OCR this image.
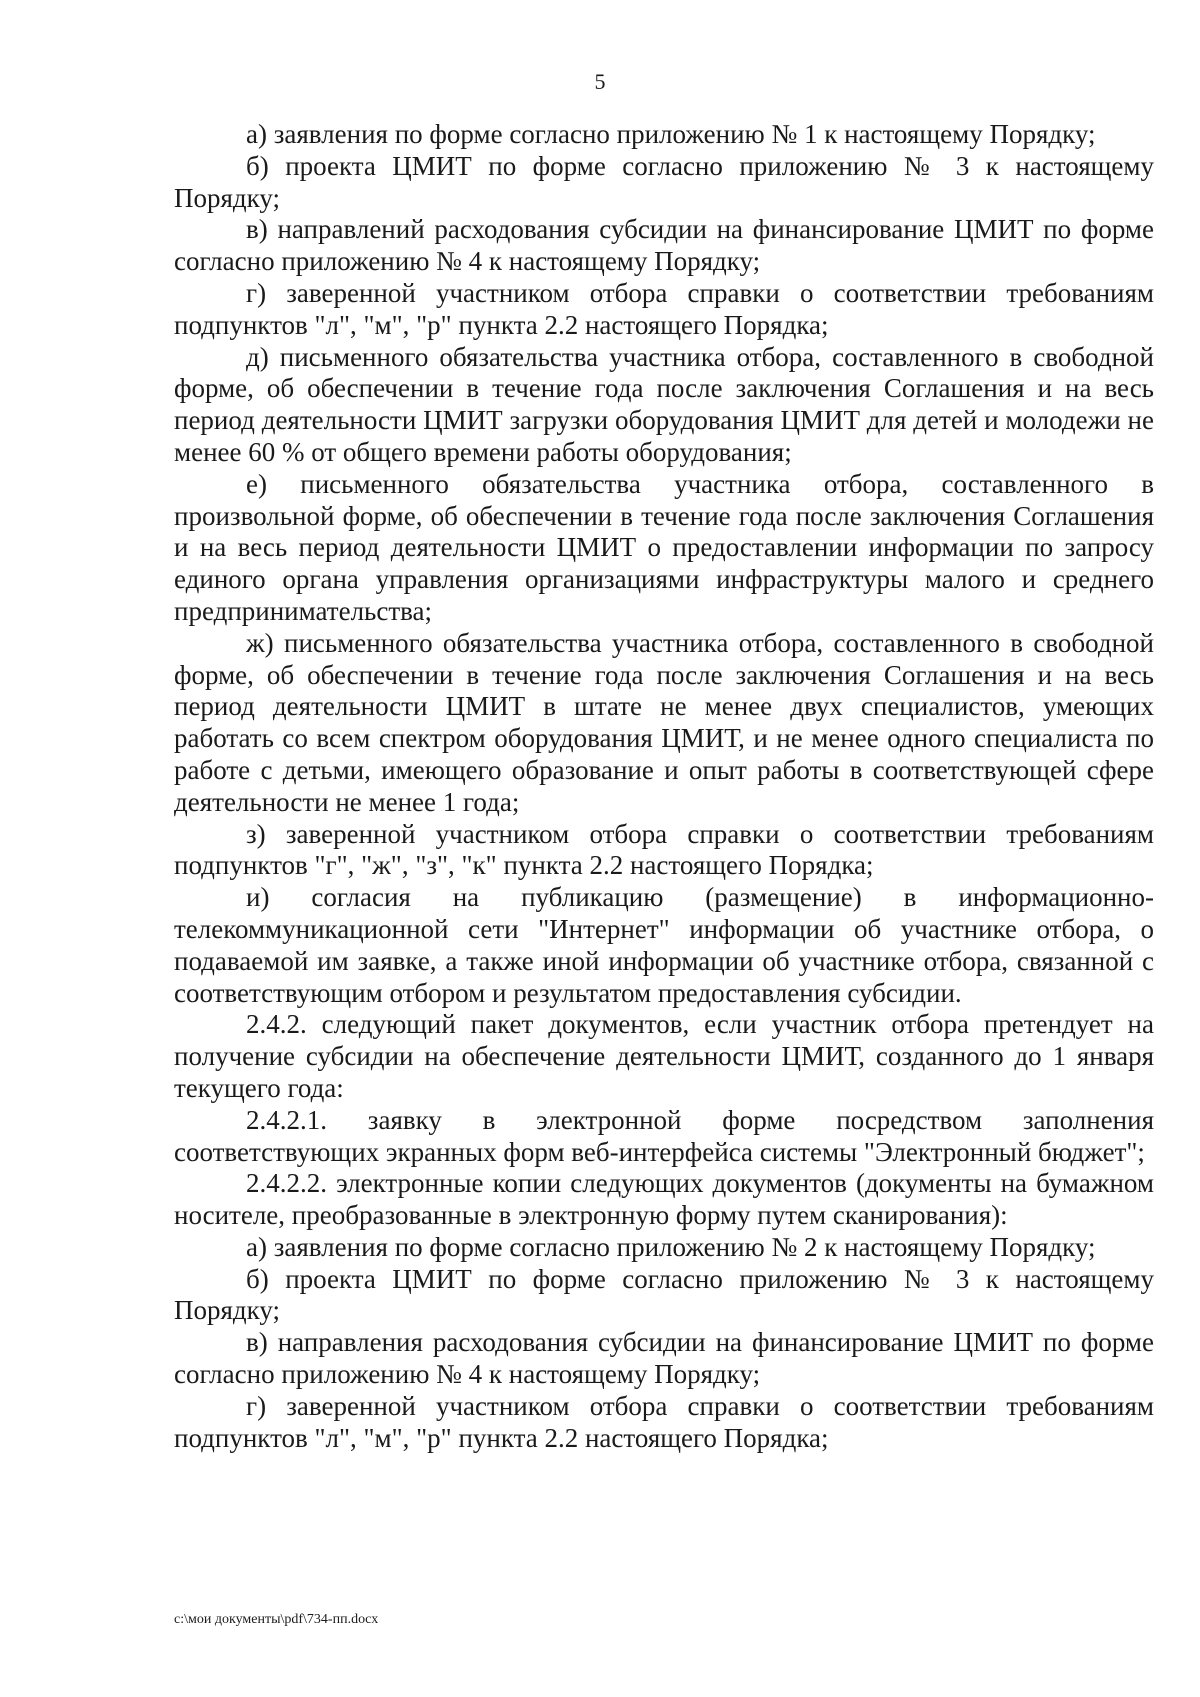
5

а) заявления по форме согласно приложению № 1 к настоящему Порядку;

б) проекта ЦМИТ по форме согласно приложению № 3 к настоящему Порядку;

в) направлений расходования субсидии на финансирование ЦМИТ по форме согласно приложению № 4 к настоящему Порядку;

г) заверенной участником отбора справки о соответствии требованиям подпунктов "л", "м", "р" пункта 2.2 настоящего Порядка;

д) письменного обязательства участника отбора, составленного в свободной форме, об обеспечении в течение года после заключения Соглашения и на весь период деятельности ЦМИТ загрузки оборудования ЦМИТ для детей и молодежи не менее 60 % от общего времени работы оборудования;

е) письменного обязательства участника отбора, составленного в произвольной форме, об обеспечении в течение года после заключения Соглашения и на весь период деятельности ЦМИТ о предоставлении информации по запросу единого органа управления организациями инфраструктуры малого и среднего предпринимательства;

ж) письменного обязательства участника отбора, составленного в свободной форме, об обеспечении в течение года после заключения Соглашения и на весь период деятельности ЦМИТ в штате не менее двух специалистов, умеющих работать со всем спектром оборудования ЦМИТ, и не менее одного специалиста по работе с детьми, имеющего образование и опыт работы в соответствующей сфере деятельности не менее 1 года;

з) заверенной участником отбора справки о соответствии требованиям подпунктов "г", "ж", "з", "к" пункта 2.2 настоящего Порядка;

и) согласия на публикацию (размещение) в информационно-телекоммуникационной сети "Интернет" информации об участнике отбора, о подаваемой им заявке, а также иной информации об участнике отбора, связанной с соответствующим отбором и результатом предоставления субсидии.

2.4.2. следующий пакет документов, если участник отбора претендует на получение субсидии на обеспечение деятельности ЦМИТ, созданного до 1 января текущего года:

2.4.2.1. заявку в электронной форме посредством заполнения соответствующих экранных форм веб-интерфейса системы "Электронный бюджет";

2.4.2.2. электронные копии следующих документов (документы на бумажном носителе, преобразованные в электронную форму путем сканирования):

а) заявления по форме согласно приложению № 2 к настоящему Порядку;

б) проекта ЦМИТ по форме согласно приложению № 3 к настоящему Порядку;

в) направления расходования субсидии на финансирование ЦМИТ по форме согласно приложению № 4 к настоящему Порядку;

г) заверенной участником отбора справки о соответствии требованиям подпунктов "л", "м", "р" пункта 2.2 настоящего Порядка;

c:\мои документы\pdf\734-пп.docx
